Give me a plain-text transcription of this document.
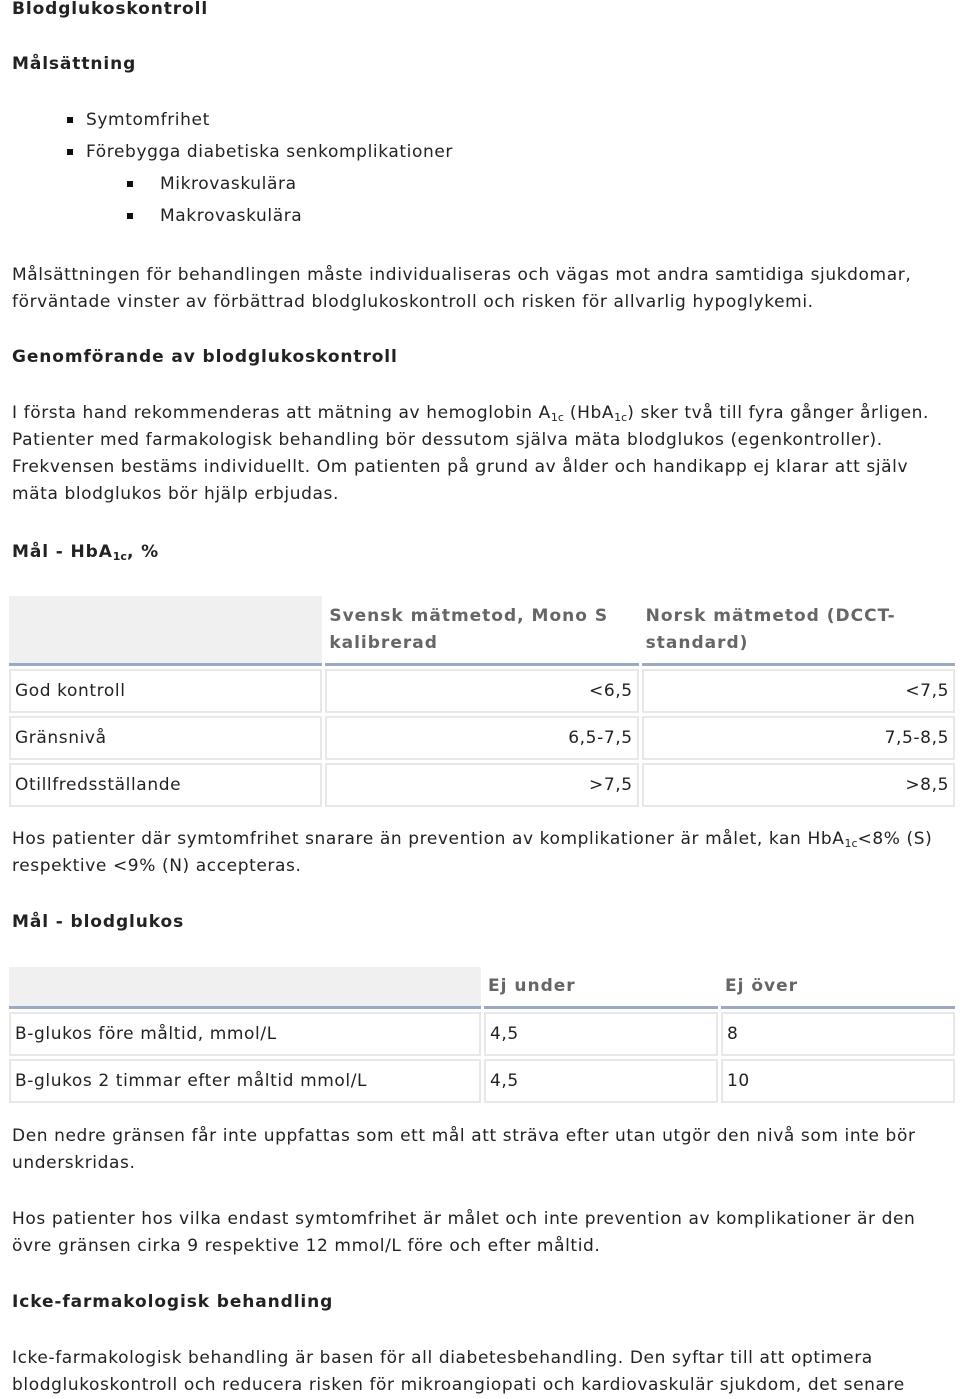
Blodglukoskontroll
Målsättning
Symtomfrihet
Förebygga diabetiska senkomplikationer
Mikrovaskulära
Makrovaskulära

Målsättningen för behandlingen måste individualiseras och vägas mot andra samtidiga sjukdomar, förväntade vinster av förbättrad blodglukoskontroll och risken för allvarlig hypoglykemi.

Genomförande av blodglukoskontroll

I första hand rekommenderas att mätning av hemoglobin $A_{1c}$ (HbA$_{1c}$) sker två till fyra gånger årligen. Patienter med farmakologisk behandling bör dessutom själva mäta blodglukos (egenkontroller). Frekvensen bestäms individuellt. Om patienten på grund av ålder och handikapp ej klarar att själv mäta blodglukos bör hjälp erbjudas.

Mål - HbA$_{1c}$, %
	Svensk mätmetod, Mono S kalibrerad	Norsk mätmetod (DCCT-standard)
God kontroll	<6,5	<7,5
Gränsnivå	6,5-7,5	7,5-8,5
Otillfredsställande	>7,5	>8,5

Hos patienter där symtomfrihet snarare än prevention av komplikationer är målet, kan HbA$_{1c}$<8% (S) respektive <9% (N) accepteras.

Mål - blodglukos
	Ej under	Ej över
B-glukos före måltid, mmol/L	4,5	8
B-glukos 2 timmar efter måltid mmol/L	4,5	10

Den nedre gränsen får inte uppfattas som ett mål att sträva efter utan utgör den nivå som inte bör underskridas.

Hos patienter hos vilka endast symtomfrihet är målet och inte prevention av komplikationer är den övre gränsen cirka 9 respektive 12 mmol/L före och efter måltid.

Icke-farmakologisk behandling

Icke-farmakologisk behandling är basen för all diabetesbehandling. Den syftar till att optimera blodglukoskontroll och reducera risken för mikroangiopati och kardiovaskulär sjukdom, det senare
